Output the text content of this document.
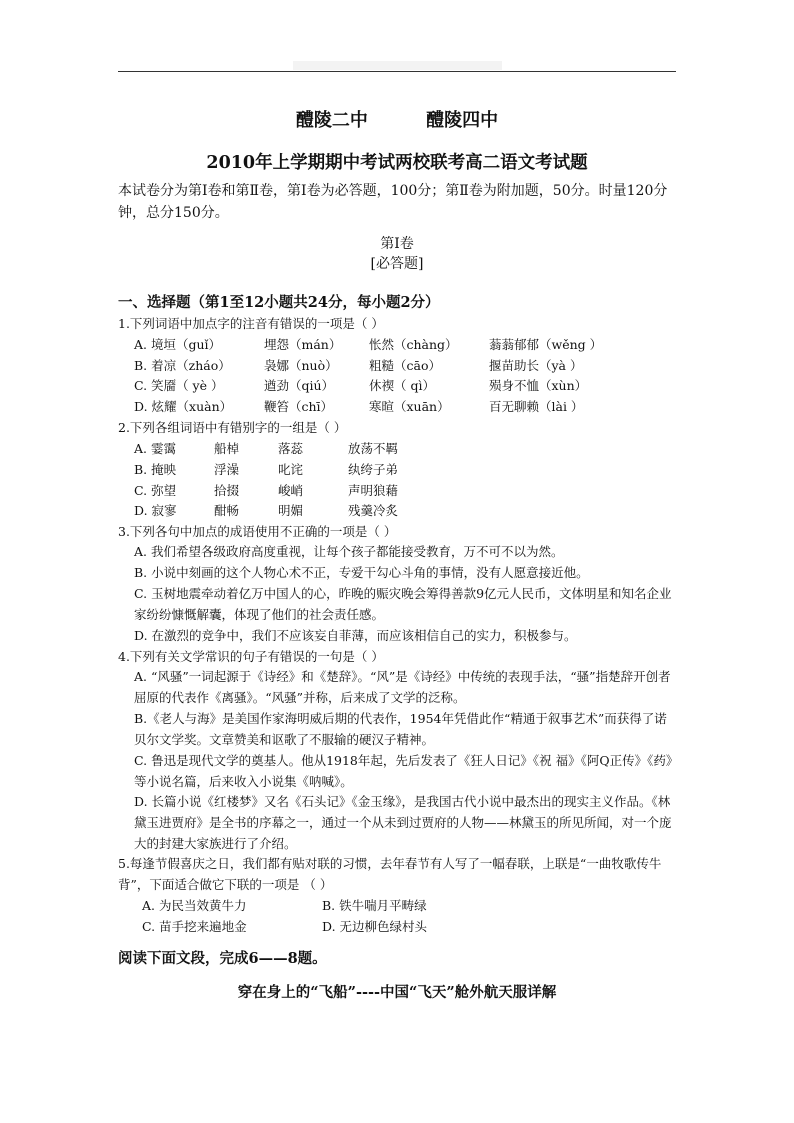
醴陵二中	醴陵四中
2010年上学期期中考试两校联考高二语文考试题
本试卷分为第Ⅰ卷和第Ⅱ卷，第Ⅰ卷为必答题，100分；第Ⅱ卷为附加题，50分。时量120分钟，总分150分。
第Ⅰ卷
[必答题]
一、选择题（第1至12小题共24分，每小题2分）
1.下列词语中加点字的注音有错误的一项是（ ）
A. 境垣（guǐ）	埋怨（mán） 怅然（chàng）	蓊蓊郁郁（wěng ）
B. 着凉（zháo）	袅娜（nuò）	粗糙（cāo）	揠苗助长（yà ）
C. 笑靥（ yè ）	遒劲（qiú）	休禊（ qì）	殒身不恤（xùn）
D. 炫耀（xuàn）	鞭笞（chī）	寒暄（xuān）	百无聊赖（lài ）
2.下列各组词语中有错别字的一组是（ ）
A. 霎霭	船棹	落蕊	放荡不羁
B. 掩映	浮澡	叱诧	纨绔子弟
C. 弥望	拾掇	峻峭	声明狼藉
D. 寂寥	酣畅	明媚	残羹冷炙
3.下列各句中加点的成语使用不正确的一项是（ ）
A. 我们希望各级政府高度重视，让每个孩子都能接受教育，万不可不以为然。
B. 小说中刻画的这个人物心术不正，专爱干勾心斗角的事情，没有人愿意接近他。
C. 玉树地震牵动着亿万中国人的心，昨晚的赈灾晚会筹得善款9亿元人民币，文体明星和知名企业家纷纷慷慨解囊，体现了他们的社会责任感。
D. 在激烈的竞争中，我们不应该妄自菲薄，而应该相信自己的实力，积极参与。
4.下列有关文学常识的句子有错误的一句是（ ）
A. “风骚”一词起源于《诗经》和《楚辞》。“风”是《诗经》中传统的表现手法，“骚”指楚辞开创者屈原的代表作《离骚》。“风骚”并称，后来成了文学的泛称。
B.《老人与海》是美国作家海明威后期的代表作，1954年凭借此作“精通于叙事艺术”而获得了诺贝尔文学奖。文章赞美和讴歌了不服输的硬汉子精神。
C. 鲁迅是现代文学的奠基人。他从1918年起，先后发表了《狂人日记》《祝 福》《阿Q正传》《药》等小说名篇，后来收入小说集《呐喊》。
D. 长篇小说《红楼梦》又名《石头记》《金玉缘》，是我国古代小说中最杰出的现实主义作品。《林黛玉进贾府》是全书的序幕之一，通过一个从未到过贾府的人物——林黛玉的所见所闻，对一个庞大的封建大家族进行了介绍。
5.每逢节假喜庆之日，我们都有贴对联的习惯，去年春节有人写了一幅春联，上联是“一曲牧歌传牛背”，下面适合做它下联的一项是 （ ）
A. 为民当效黄牛力	B. 铁牛喘月平畴绿
C. 苗手挖来遍地金	D. 无边柳色绿村头
阅读下面文段，完成6——8题。
穿在身上的“飞船”----中国“飞天”舱外航天服详解
